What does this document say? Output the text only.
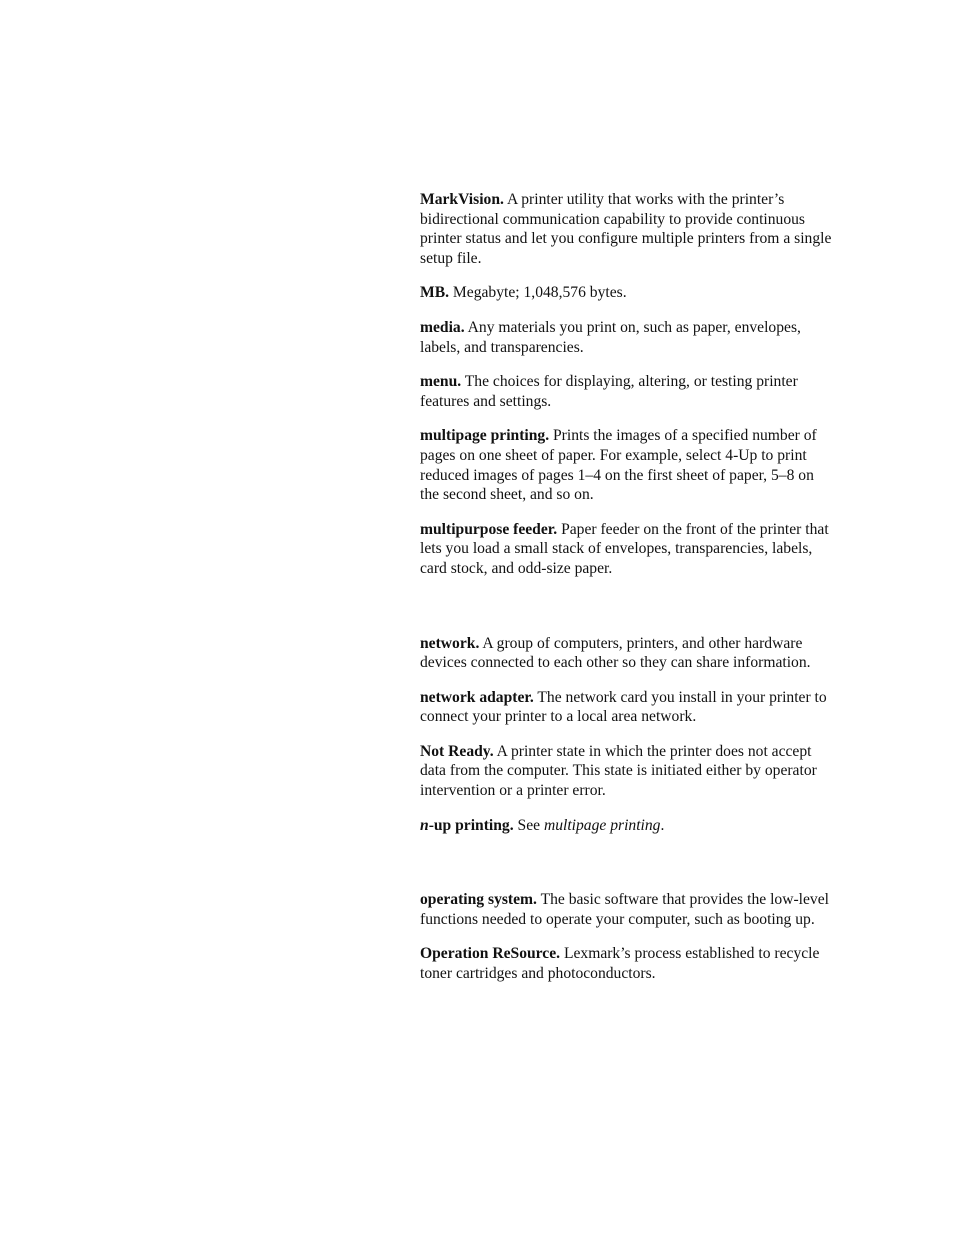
MarkVision. A printer utility that works with the printer’s bidirectional communication capability to provide continuous printer status and let you configure multiple printers from a single setup file.

MB. Megabyte; 1,048,576 bytes.

media. Any materials you print on, such as paper, envelopes, labels, and transparencies.

menu. The choices for displaying, altering, or testing printer features and settings.

multipage printing. Prints the images of a specified number of pages on one sheet of paper. For example, select 4-Up to print reduced images of pages 1–4 on the first sheet of paper, 5–8 on the second sheet, and so on.

multipurpose feeder. Paper feeder on the front of the printer that lets you load a small stack of envelopes, transparencies, labels, card stock, and odd-size paper.

network. A group of computers, printers, and other hardware devices connected to each other so they can share information.

network adapter. The network card you install in your printer to connect your printer to a local area network.

Not Ready. A printer state in which the printer does not accept data from the computer. This state is initiated either by operator intervention or a printer error.

n-up printing. See multipage printing.

operating system. The basic software that provides the low-level functions needed to operate your computer, such as booting up.

Operation ReSource. Lexmark’s process established to recycle toner cartridges and photoconductors.
